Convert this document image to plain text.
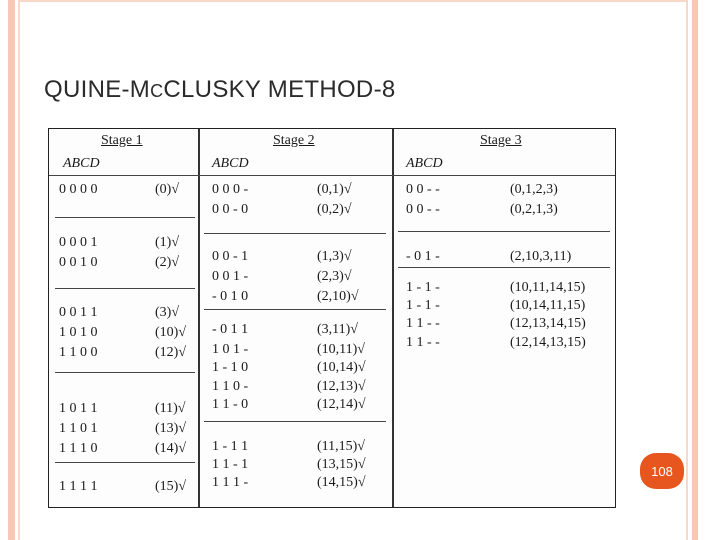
QUINE-MCCLUSKY METHOD-8
Stage 1	Stage 2	Stage 3
ABCD	ABCD	ABCD
0 0 0 0	(0)√
0 0 0 1	(1)√
0 0 1 0	(2)√
0 0 1 1	(3)√
1 0 1 0	(10)√
1 1 0 0	(12)√
1 0 1 1	(11)√
1 1 0 1	(13)√
1 1 1 0	(14)√
1 1 1 1	(15)√
0 0 0 -	(0,1)√
0 0 - 0	(0,2)√
0 0 - 1	(1,3)√
0 0 1 -	(2,3)√
- 0 1 0	(2,10)√
- 0 1 1	(3,11)√
1 0 1 -	(10,11)√
1 - 1 0	(10,14)√
1 1 0 -	(12,13)√
1 1 - 0	(12,14)√
1 - 1 1	(11,15)√
1 1 - 1	(13,15)√
1 1 1 -	(14,15)√
0 0 - -	(0,1,2,3)
0 0 - -	(0,2,1,3)
- 0 1 -	(2,10,3,11)
1 - 1 -	(10,11,14,15)
1 - 1 -	(10,14,11,15)
1 1 - -	(12,13,14,15)
1 1 - -	(12,14,13,15)
108
